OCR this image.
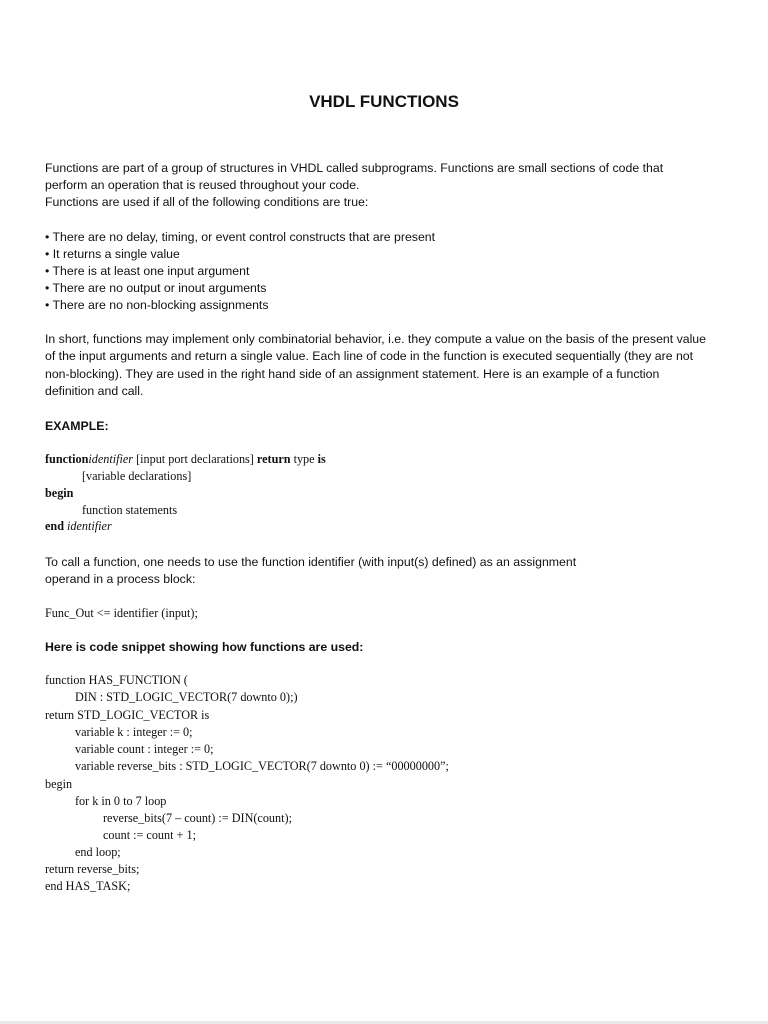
VHDL FUNCTIONS
Functions are part of a group of structures in VHDL called subprograms. Functions are small sections of code that
perform an operation that is reused throughout your code.
Functions are used if all of the following conditions are true:
• There are no delay, timing, or event control constructs that are present
• It returns a single value
• There is at least one input argument
• There are no output or inout arguments
• There are no non-blocking assignments
In short, functions may implement only combinatorial behavior, i.e. they compute a value on the basis of the present value
of the input arguments and return a single value. Each line of code in the function is executed sequentially (they are not
non-blocking). They are used in the right hand side of an assignment statement. Here is an example of a function
definition and call.
EXAMPLE:
functionidentifier [input port declarations] return type is
[variable declarations]
begin
function statements
end identifier
To call a function, one needs to use the function identifier (with input(s) defined) as an assignment
operand in a process block:
Func_Out <= identifier (input);
Here is code snippet showing how functions are used:
function HAS_FUNCTION (
DIN : STD_LOGIC_VECTOR(7 downto 0);)
return STD_LOGIC_VECTOR is
variable k : integer := 0;
variable count : integer := 0;
variable reverse_bits : STD_LOGIC_VECTOR(7 downto 0) := “00000000”;
begin
for k in 0 to 7 loop
reverse_bits(7 – count) := DIN(count);
count := count + 1;
end loop;
return reverse_bits;
end HAS_TASK;
